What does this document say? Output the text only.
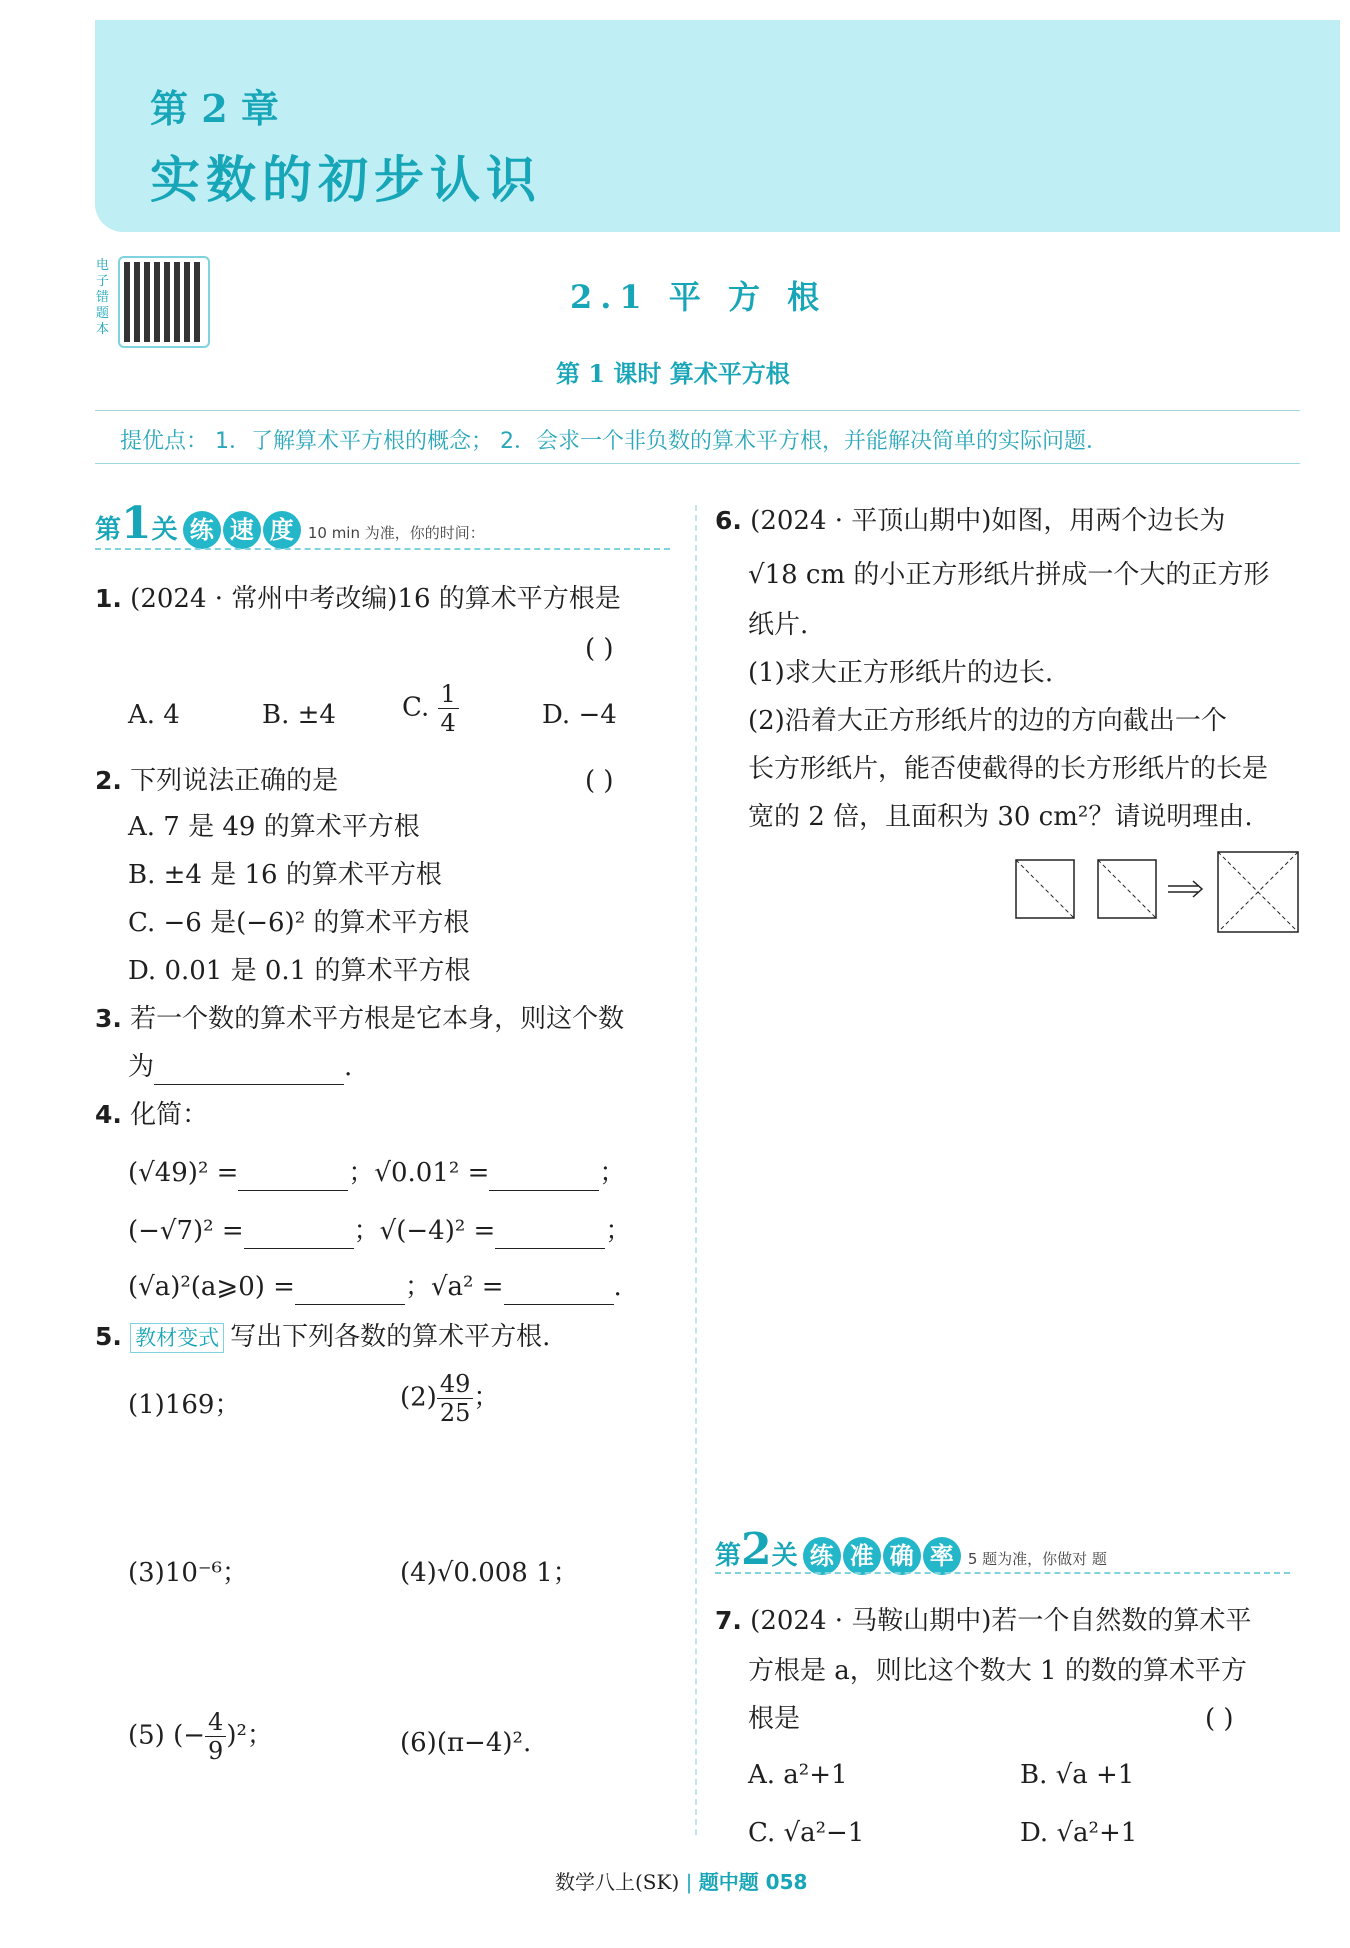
第 2 章
实数的初步认识
电子错题本
2.1 平 方 根
第 1 课时 算术平方根
提优点： 1．了解算术平方根的概念； 2．会求一个非负数的算术平方根，并能解决简单的实际问题．
第1关 练 速 度 10 min 为准，你的时间：
1. (2024 · 常州中考改编)16 的算术平方根是
( )
A. 4	B. ±4	C. $\frac{1}{4}$	D. −4
2. 下列说法正确的是	( )
A. 7 是 49 的算术平方根
B. ±4 是 16 的算术平方根
C. −6 是(−6)² 的算术平方根
D. 0.01 是 0.1 的算术平方根
3. 若一个数的算术平方根是它本身，则这个数
为	.
4. 化简：
(√49)² =	；√0.01² =	；
(−√7)² =	；√(−4)² =	；
(√a)²(a⩾0) =	；√a² =	.
5. 教材变式 写出下列各数的算术平方根.
(1)169；	$(2) \frac{49}{25}$ ；
(3)10⁻⁶；	(4)√0.008 1；
(5) (− $\frac{4}{9} )^2$；	(6)(π−4)².
6. (2024 · 平顶山期中)如图，用两个边长为
√18 cm 的小正方形纸片拼成一个大的正方形
纸片.
(1)求大正方形纸片的边长.
(2)沿着大正方形纸片的边的方向截出一个
长方形纸片，能否使截得的长方形纸片的长是
宽的 2 倍，且面积为 30 cm²？请说明理由.
第2关 练 准 确 率 5 题为准，你做对 题
7. (2024 · 马鞍山期中)若一个自然数的算术平
方根是 a，则比这个数大 1 的数的算术平方
根是	( )
A. a²+1	B. √a +1
C. √a²−1	D. √a²+1
数学八上(SK) | 题中题 058
